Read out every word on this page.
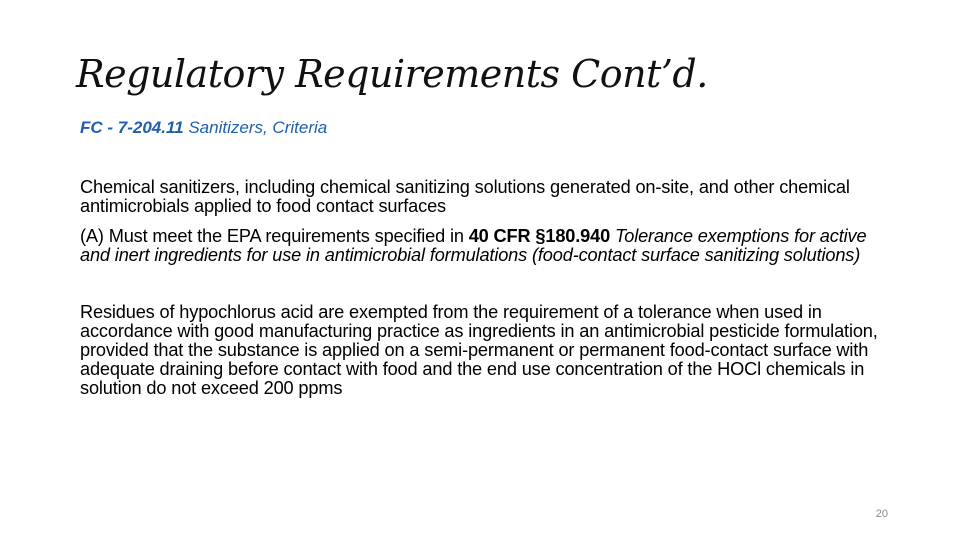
Regulatory Requirements Cont’d.
FC - 7-204.11 Sanitizers, Criteria

Chemical sanitizers, including chemical sanitizing solutions generated on-site, and other chemical antimicrobials applied to food contact surfaces

(A) Must meet the EPA requirements specified in 40 CFR §180.940 Tolerance exemptions for active and inert ingredients for use in antimicrobial formulations (food-contact surface sanitizing solutions)

Residues of hypochlorus acid are exempted from the requirement of a tolerance when used in accordance with good manufacturing practice as ingredients in an antimicrobial pesticide formulation, provided that the substance is applied on a semi-permanent or permanent food-contact surface with adequate draining before contact with food and the end use concentration of the HOCl chemicals in solution do not exceed 200 ppms

20
